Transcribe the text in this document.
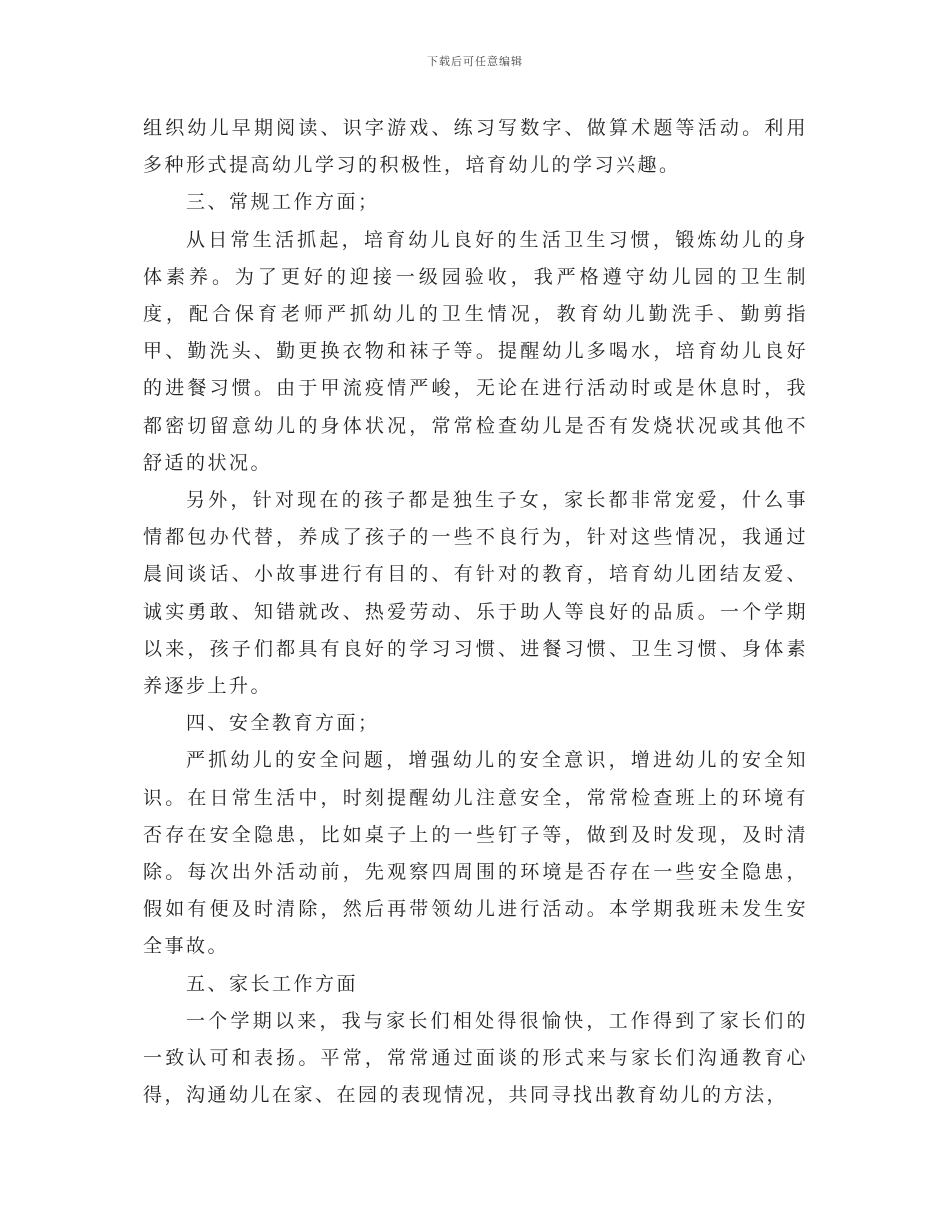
下载后可任意编辑

组织幼儿早期阅读、识字游戏、练习写数字、做算术题等活动。利用多种形式提高幼儿学习的积极性，培育幼儿的学习兴趣。

三、常规工作方面；

从日常生活抓起，培育幼儿良好的生活卫生习惯，锻炼幼儿的身体素养。为了更好的迎接一级园验收，我严格遵守幼儿园的卫生制度，配合保育老师严抓幼儿的卫生情况，教育幼儿勤洗手、勤剪指甲、勤洗头、勤更换衣物和袜子等。提醒幼儿多喝水，培育幼儿良好的进餐习惯。由于甲流疫情严峻，无论在进行活动时或是休息时，我都密切留意幼儿的身体状况，常常检查幼儿是否有发烧状况或其他不舒适的状况。

另外，针对现在的孩子都是独生子女，家长都非常宠爱，什么事情都包办代替，养成了孩子的一些不良行为，针对这些情况，我通过晨间谈话、小故事进行有目的、有针对的教育，培育幼儿团结友爱、诚实勇敢、知错就改、热爱劳动、乐于助人等良好的品质。一个学期以来，孩子们都具有良好的学习习惯、进餐习惯、卫生习惯、身体素养逐步上升。

四、安全教育方面；

严抓幼儿的安全问题，增强幼儿的安全意识，增进幼儿的安全知识。在日常生活中，时刻提醒幼儿注意安全，常常检查班上的环境有否存在安全隐患，比如桌子上的一些钉子等，做到及时发现，及时清除。每次出外活动前，先观察四周围的环境是否存在一些安全隐患，假如有便及时清除，然后再带领幼儿进行活动。本学期我班未发生安全事故。

五、家长工作方面

一个学期以来，我与家长们相处得很愉快，工作得到了家长们的一致认可和表扬。平常，常常通过面谈的形式来与家长们沟通教育心得，沟通幼儿在家、在园的表现情况，共同寻找出教育幼儿的方法，
